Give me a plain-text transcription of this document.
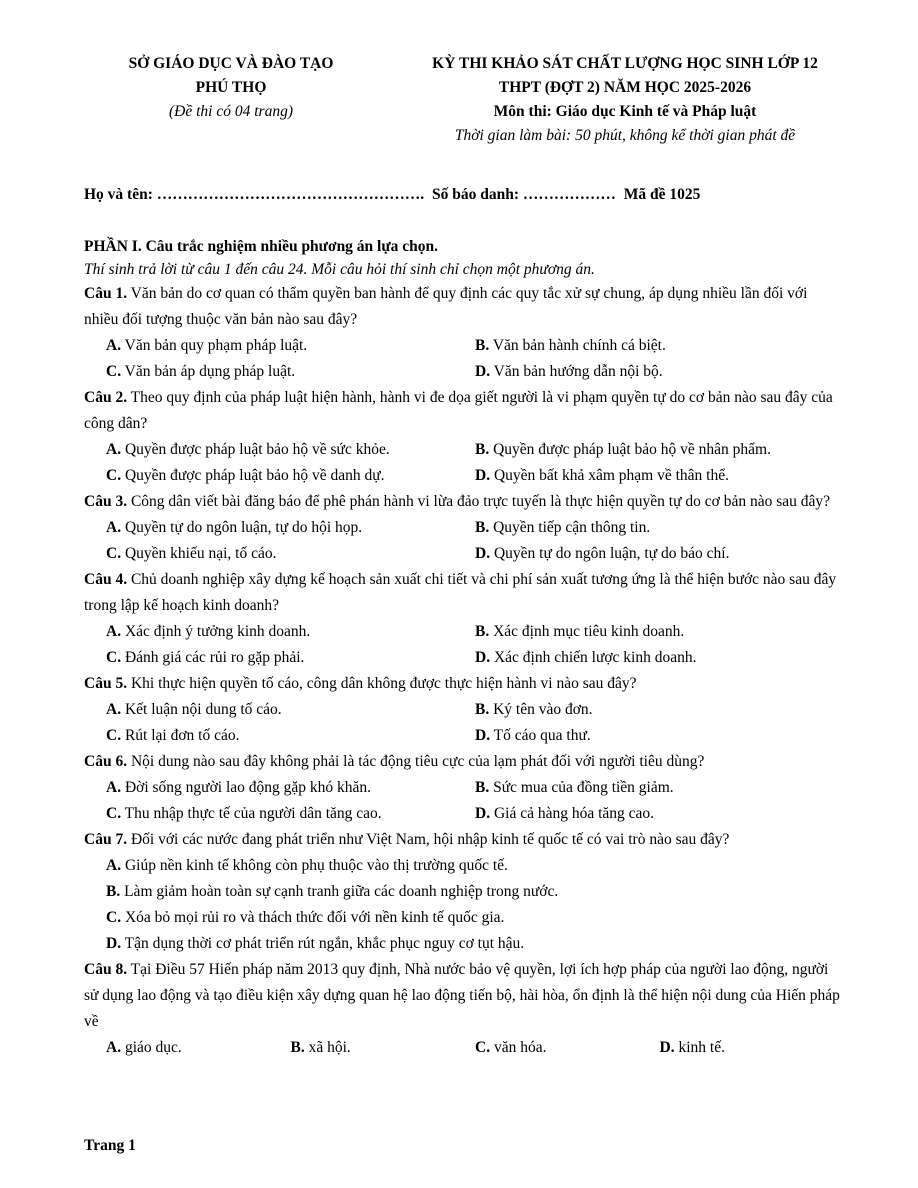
SỞ GIÁO DỤC VÀ ĐÀO TẠO
PHÚ THỌ
(Đề thi có 04 trang)
KỲ THI KHẢO SÁT CHẤT LƯỢNG HỌC SINH LỚP 12
THPT (ĐỢT 2) NĂM HỌC 2025-2026
Môn thi: Giáo dục Kinh tế và Pháp luật
Thời gian làm bài: 50 phút, không kể thời gian phát đề
Họ và tên: ……………………………………………. Số báo danh: ……………… Mã đề 1025
PHẦN I. Câu trắc nghiệm nhiều phương án lựa chọn.
Thí sinh trả lời từ câu 1 đến câu 24. Mỗi câu hỏi thí sinh chỉ chọn một phương án.
Câu 1. Văn bản do cơ quan có thẩm quyền ban hành để quy định các quy tắc xử sự chung, áp dụng nhiều lần đối với nhiều đối tượng thuộc văn bản nào sau đây?
A. Văn bản quy phạm pháp luật.	B. Văn bản hành chính cá biệt.
C. Văn bản áp dụng pháp luật.	D. Văn bản hướng dẫn nội bộ.
Câu 2. Theo quy định của pháp luật hiện hành, hành vi đe dọa giết người là vi phạm quyền tự do cơ bản nào sau đây của công dân?
A. Quyền được pháp luật bảo hộ về sức khỏe.	B. Quyền được pháp luật bảo hộ về nhân phẩm.
C. Quyền được pháp luật bảo hộ về danh dự.	D. Quyền bất khả xâm phạm về thân thể.
Câu 3. Công dân viết bài đăng báo để phê phán hành vi lừa đảo trực tuyến là thực hiện quyền tự do cơ bản nào sau đây?
A. Quyền tự do ngôn luận, tự do hội họp.	B. Quyền tiếp cận thông tin.
C. Quyền khiếu nại, tố cáo.	D. Quyền tự do ngôn luận, tự do báo chí.
Câu 4. Chủ doanh nghiệp xây dựng kế hoạch sản xuất chi tiết và chi phí sản xuất tương ứng là thể hiện bước nào sau đây trong lập kế hoạch kinh doanh?
A. Xác định ý tưởng kinh doanh.	B. Xác định mục tiêu kinh doanh.
C. Đánh giá các rủi ro gặp phải.	D. Xác định chiến lược kinh doanh.
Câu 5. Khi thực hiện quyền tố cáo, công dân không được thực hiện hành vi nào sau đây?
A. Kết luận nội dung tố cáo.	B. Ký tên vào đơn.
C. Rút lại đơn tố cáo.	D. Tố cáo qua thư.
Câu 6. Nội dung nào sau đây không phải là tác động tiêu cực của lạm phát đối với người tiêu dùng?
A. Đời sống người lao động gặp khó khăn.	B. Sức mua của đồng tiền giảm.
C. Thu nhập thực tế của người dân tăng cao.	D. Giá cả hàng hóa tăng cao.
Câu 7. Đối với các nước đang phát triển như Việt Nam, hội nhập kinh tế quốc tế có vai trò nào sau đây?
A. Giúp nền kinh tế không còn phụ thuộc vào thị trường quốc tế.
B. Làm giảm hoàn toàn sự cạnh tranh giữa các doanh nghiệp trong nước.
C. Xóa bỏ mọi rủi ro và thách thức đối với nền kinh tế quốc gia.
D. Tận dụng thời cơ phát triển rút ngắn, khắc phục nguy cơ tụt hậu.
Câu 8. Tại Điều 57 Hiến pháp năm 2013 quy định, Nhà nước bảo vệ quyền, lợi ích hợp pháp của người lao động, người sử dụng lao động và tạo điều kiện xây dựng quan hệ lao động tiến bộ, hài hòa, ổn định là thể hiện nội dung của Hiến pháp về
A. giáo dục.	B. xã hội.	C. văn hóa.	D. kinh tế.
Trang 1
